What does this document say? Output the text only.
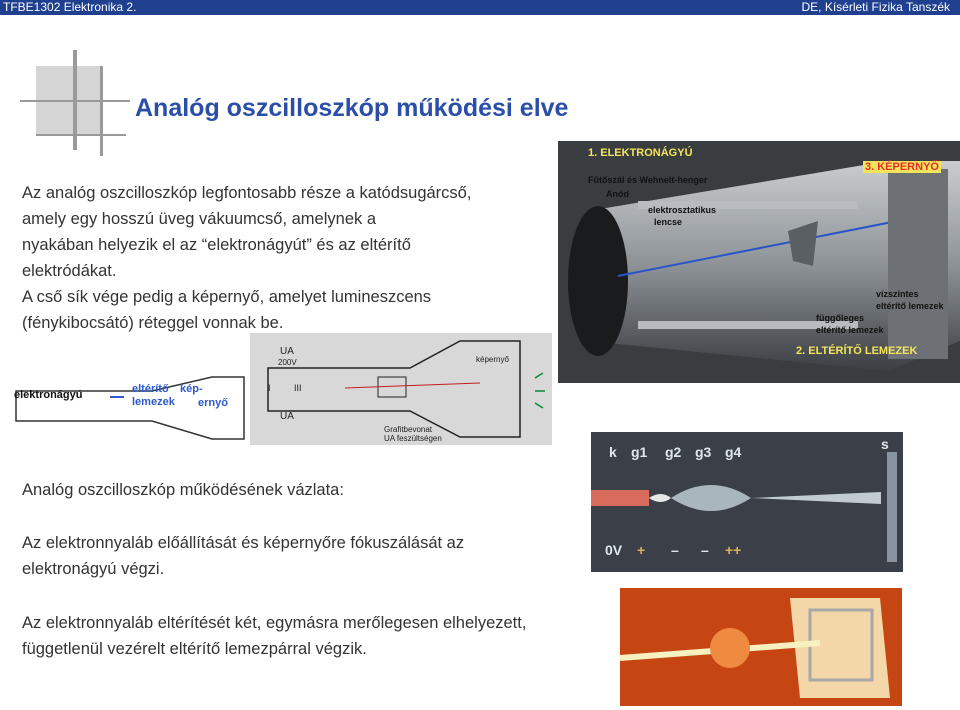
TFBE1302 Elektronika 2.	DE, Kísérleti Fizika Tanszék
Analóg oszcilloszkóp működési elve
Az analóg oszcilloszkóp legfontosabb része a katódsugárcső,
amely egy hosszú üveg vákuumcső, amelynek a
nyakában helyezik el az “elektronágyút” és az eltérítő
elektródákat.
A cső sík vége pedig a képernyő, amelyet lumineszcens
(fénykibocsátó) réteggel vonnak be.
Analóg oszcilloszkóp működésének vázlata:
Az elektronnyaláb előállítását és képernyőre fókuszálását az
elektronágyú végzi.
Az elektronnyaláb eltérítését két, egymásra merőlegesen elhelyezett,
függetlenül vezérelt eltérítő lemezpárral végzik.
1. ELEKTRONÁGYÚ
Fűtőszál és Wehnelt-henger
Anód
elektrosztatikus
lencse
3. KÉPERNYŐ
vízszintes
eltérítő lemezek
függőleges
eltérítő lemezek
2. ELTÉRÍTŐ LEMEZEK
UA
200V
I	III
UA
képernyő
Grafitbevonat
UA feszültségen
elektronágyú	eltérítő
lemezek
kép-
ernyő
k g1 g2 g3 g4	s
0V + – – ++
